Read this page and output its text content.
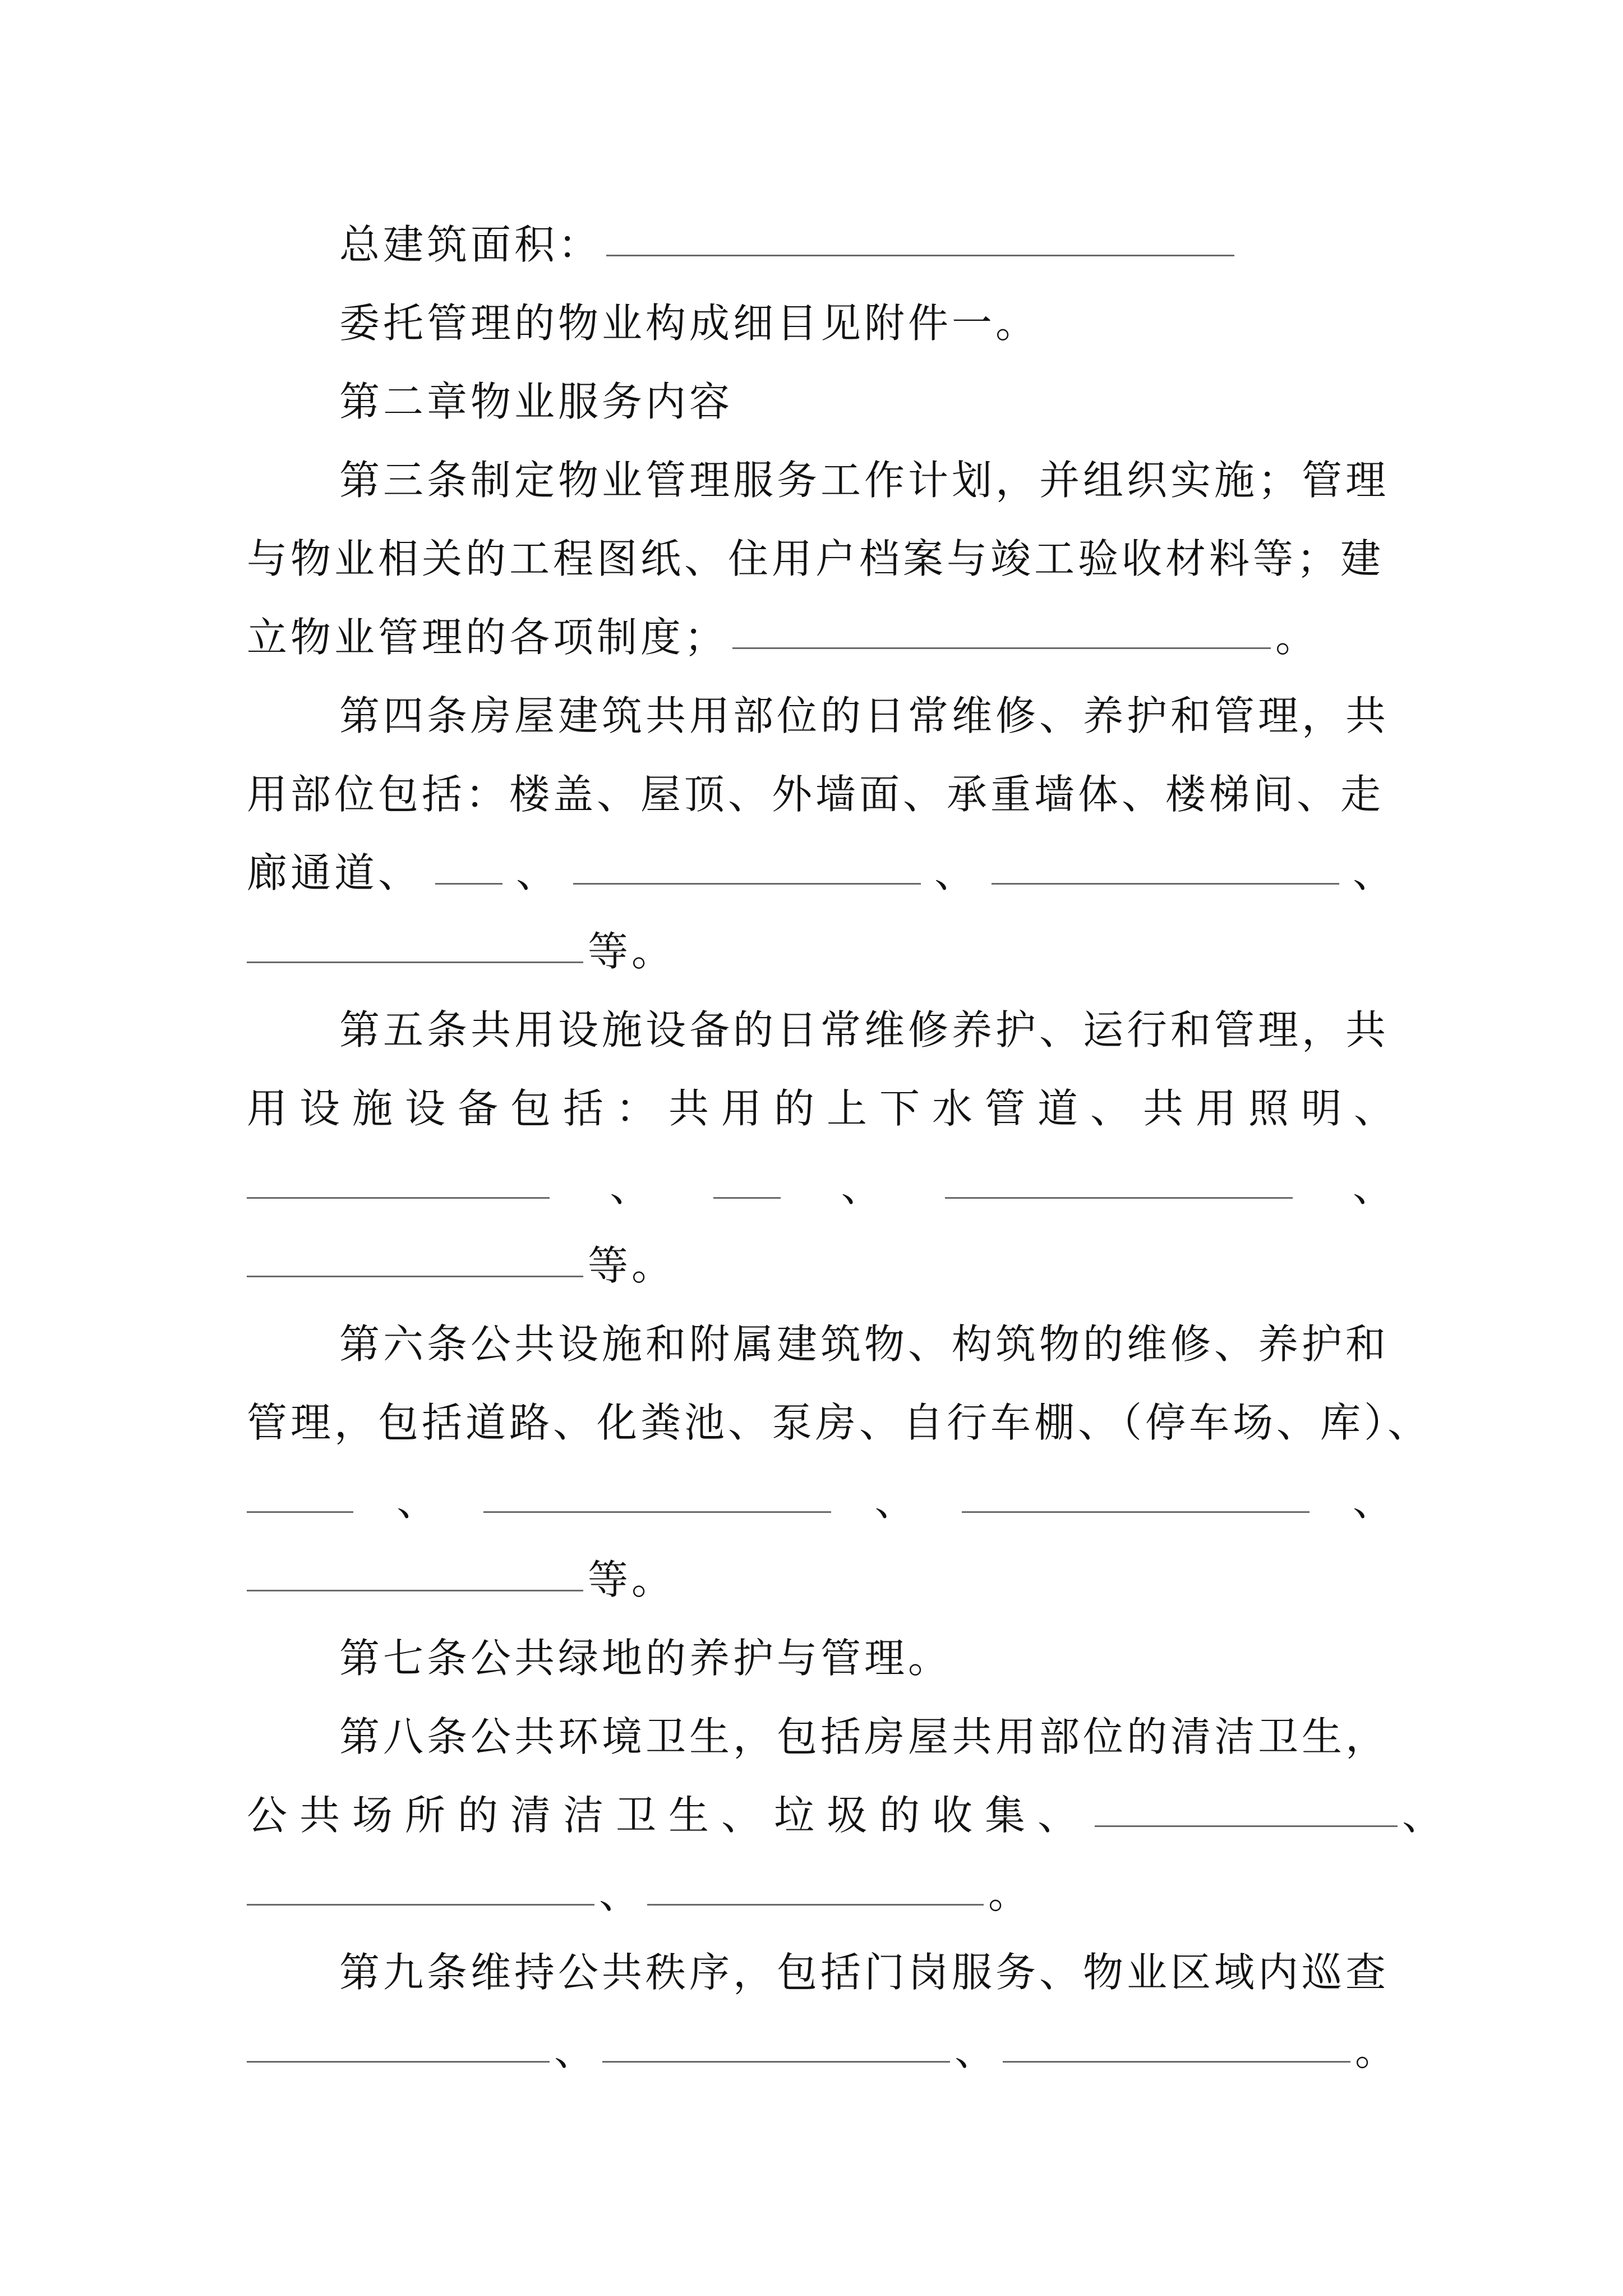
总建筑面积：
委托管理的物业构成细目见附件一。
第二章物业服务内容
第三条制定物业管理服务工作计划，并组织实施；管理
与物业相关的工程图纸、住用户档案与竣工验收材料等；建
立物业管理的各项制度；	。
第四条房屋建筑共用部位的日常维修、养护和管理，共
用部位包括：楼盖、屋顶、外墙面、承重墙体、楼梯间、走
廊通道、 、	、	、
等。
第五条共用设施设备的日常维修养护、运行和管理，共
用设施设备包括：共用的上下水管道、共用照明、
、	、	、
等。
第六条公共设施和附属建筑物、构筑物的维修、养护和
管理，包括道路、化粪池、泵房、自行车棚、（停车场、库）、
、	、	、
等。
第七条公共绿地的养护与管理。
第八条公共环境卫生，包括房屋共用部位的清洁卫生，
公共场所的清洁卫生、垃圾的收集、	、
、	。
第九条维持公共秩序，包括门岗服务、物业区域内巡查
、	、	。
